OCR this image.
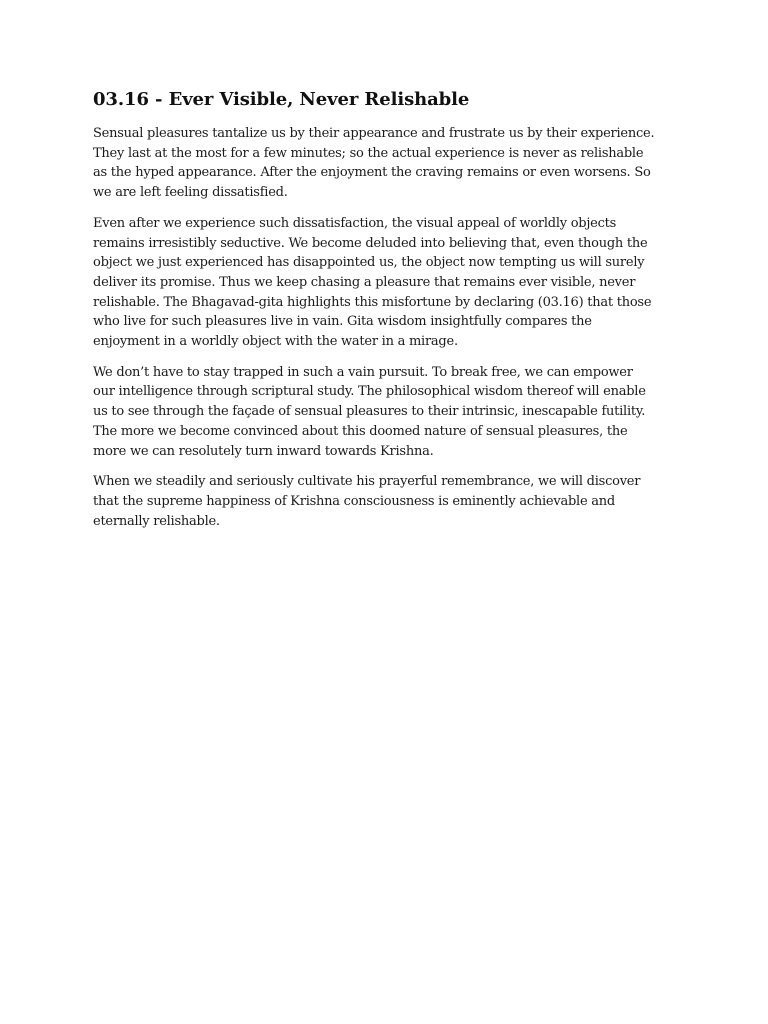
03.16 - Ever Visible, Never Relishable

Sensual pleasures tantalize us by their appearance and frustrate us by their experience.
They last at the most for a few minutes; so the actual experience is never as relishable
as the hyped appearance. After the enjoyment the craving remains or even worsens. So
we are left feeling dissatisfied.

Even after we experience such dissatisfaction, the visual appeal of worldly objects
remains irresistibly seductive. We become deluded into believing that, even though the
object we just experienced has disappointed us, the object now tempting us will surely
deliver its promise. Thus we keep chasing a pleasure that remains ever visible, never
relishable. The Bhagavad-gita highlights this misfortune by declaring (03.16) that those
who live for such pleasures live in vain. Gita wisdom insightfully compares the
enjoyment in a worldly object with the water in a mirage.

We don’t have to stay trapped in such a vain pursuit. To break free, we can empower
our intelligence through scriptural study. The philosophical wisdom thereof will enable
us to see through the façade of sensual pleasures to their intrinsic, inescapable futility.
The more we become convinced about this doomed nature of sensual pleasures, the
more we can resolutely turn inward towards Krishna.

When we steadily and seriously cultivate his prayerful remembrance, we will discover
that the supreme happiness of Krishna consciousness is eminently achievable and
eternally relishable.
